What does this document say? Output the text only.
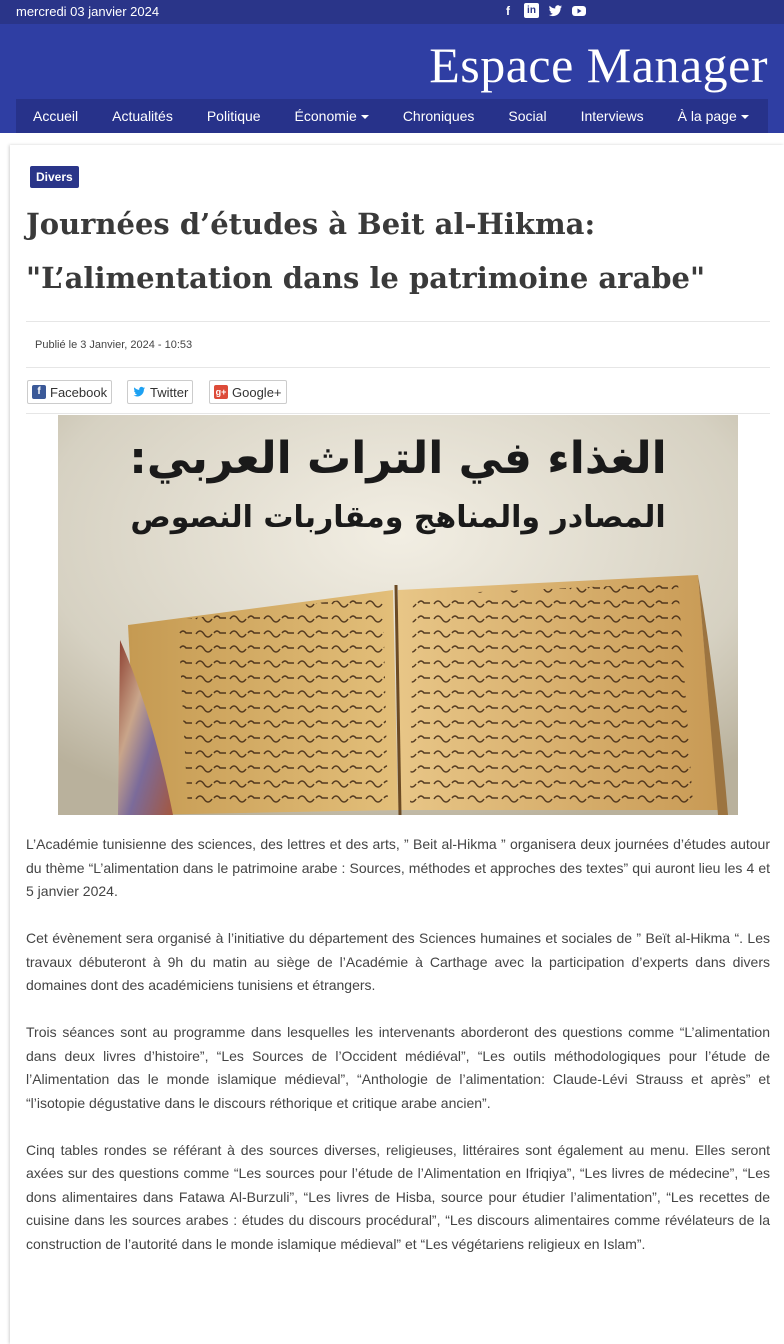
mercredi 03 janvier 2024	f	in
Espace Manager
Accueil	Actualités	Politique	Économie	Chroniques	Social	Interviews	À la page
Divers
Journées d’études à Beit al-Hikma:
"L’alimentation dans le patrimoine arabe"
Publié le 3 Janvier, 2024 - 10:53
f Facebook	Twitter	g+ Google+
الغذاء في التراث العربي:
المصادر والمناهج ومقاربات النصوص

L’Académie tunisienne des sciences, des lettres et des arts, ” Beit al-Hikma ” organisera deux journées d’études autour du thème “L’alimentation dans le patrimoine arabe : Sources, méthodes et approches des textes” qui auront lieu les 4 et 5 janvier 2024.

Cet évènement sera organisé à l’initiative du département des Sciences humaines et sociales de ” Beït al-Hikma “. Les travaux débuteront à 9h du matin au siège de l’Académie à Carthage avec la participation d’experts dans divers domaines dont des académiciens tunisiens et étrangers.

Trois séances sont au programme dans lesquelles les intervenants aborderont des questions comme “L’alimentation dans deux livres d’histoire”, “Les Sources de l’Occident médiéval”, “Les outils méthodologiques pour l’étude de l’Alimentation das le monde islamique médieval”, “Anthologie de l’alimentation: Claude-Lévi Strauss et après” et “l’isotopie dégustative dans le discours réthorique et critique arabe ancien”.

Cinq tables rondes se référant à des sources diverses, religieuses, littéraires sont également au menu. Elles seront axées sur des questions comme “Les sources pour l’étude de l’Alimentation en Ifriqiya”, “Les livres de médecine”, “Les dons alimentaires dans Fatawa Al-Burzuli”, “Les livres de Hisba, source pour étudier l’alimentation”, “Les recettes de cuisine dans les sources arabes : études du discours procédural”, “Les discours alimentaires comme révélateurs de la construction de l’autorité dans le monde islamique médieval” et “Les végétariens religieux en Islam”.
